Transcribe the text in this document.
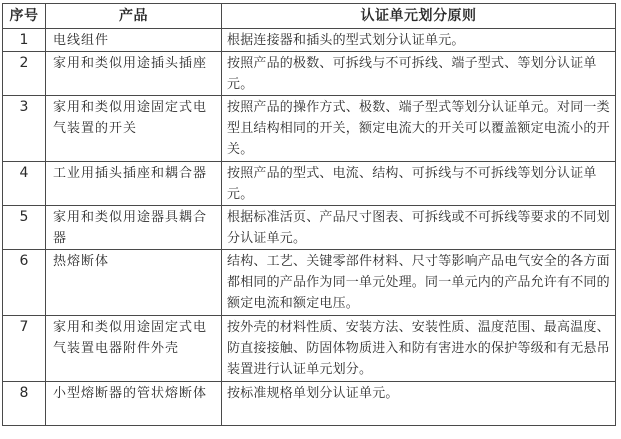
序号	产品	认证单元划分原则
1	电线组件	根据连接器和插头的型式划分认证单元。
2	家用和类似用途插头插座	按照产品的极数、可拆线与不可拆线、端子型式、等划分认证单元。
3	家用和类似用途固定式电气装置的开关	按照产品的操作方式、极数、端子型式等划分认证单元。对同一类型且结构相同的开关，额定电流大的开关可以覆盖额定电流小的开关。
4	工业用插头插座和耦合器	按照产品的型式、电流、结构、可拆线与不可拆线等划分认证单元。
5	家用和类似用途器具耦合器	根据标准活页、产品尺寸图表、可拆线或不可拆线等要求的不同划分认证单元。
6	热熔断体	结构、工艺、关键零部件材料、尺寸等影响产品电气安全的各方面都相同的产品作为同一单元处理。同一单元内的产品允许有不同的额定电流和额定电压。
7	家用和类似用途固定式电气装置电器附件外壳	按外壳的材料性质、安装方法、安装性质、温度范围、最高温度、防直接接触、防固体物质进入和防有害进水的保护等级和有无悬吊装置进行认证单元划分。
8	小型熔断器的管状熔断体	按标准规格单划分认证单元。
